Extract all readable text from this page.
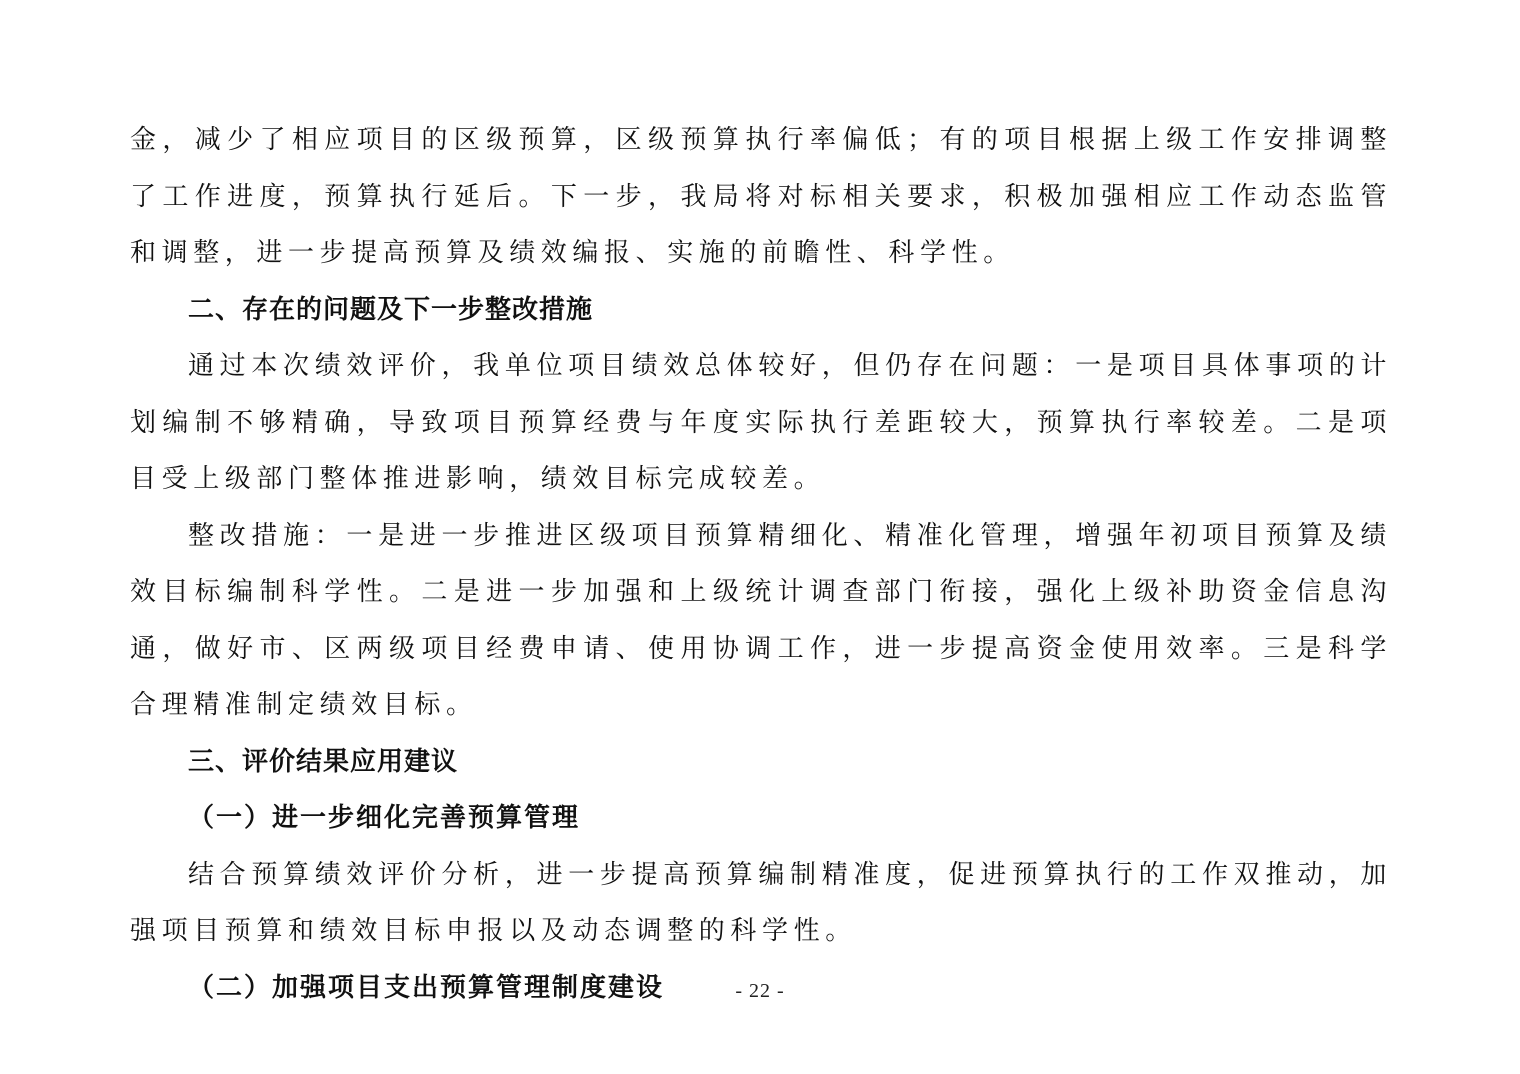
金，减少了相应项目的区级预算，区级预算执行率偏低；有的项目根据上级工作安排调整了工作进度，预算执行延后。下一步，我局将对标相关要求，积极加强相应工作动态监管和调整，进一步提高预算及绩效编报、实施的前瞻性、科学性。

二、存在的问题及下一步整改措施

通过本次绩效评价，我单位项目绩效总体较好，但仍存在问题：一是项目具体事项的计划编制不够精确，导致项目预算经费与年度实际执行差距较大，预算执行率较差。二是项目受上级部门整体推进影响，绩效目标完成较差。

整改措施：一是进一步推进区级项目预算精细化、精准化管理，增强年初项目预算及绩效目标编制科学性。二是进一步加强和上级统计调查部门衔接，强化上级补助资金信息沟通，做好市、区两级项目经费申请、使用协调工作，进一步提高资金使用效率。三是科学合理精准制定绩效目标。

三、评价结果应用建议

（一）进一步细化完善预算管理

结合预算绩效评价分析，进一步提高预算编制精准度，促进预算执行的工作双推动，加强项目预算和绩效目标申报以及动态调整的科学性。

（二）加强项目支出预算管理制度建设	- 22 -
